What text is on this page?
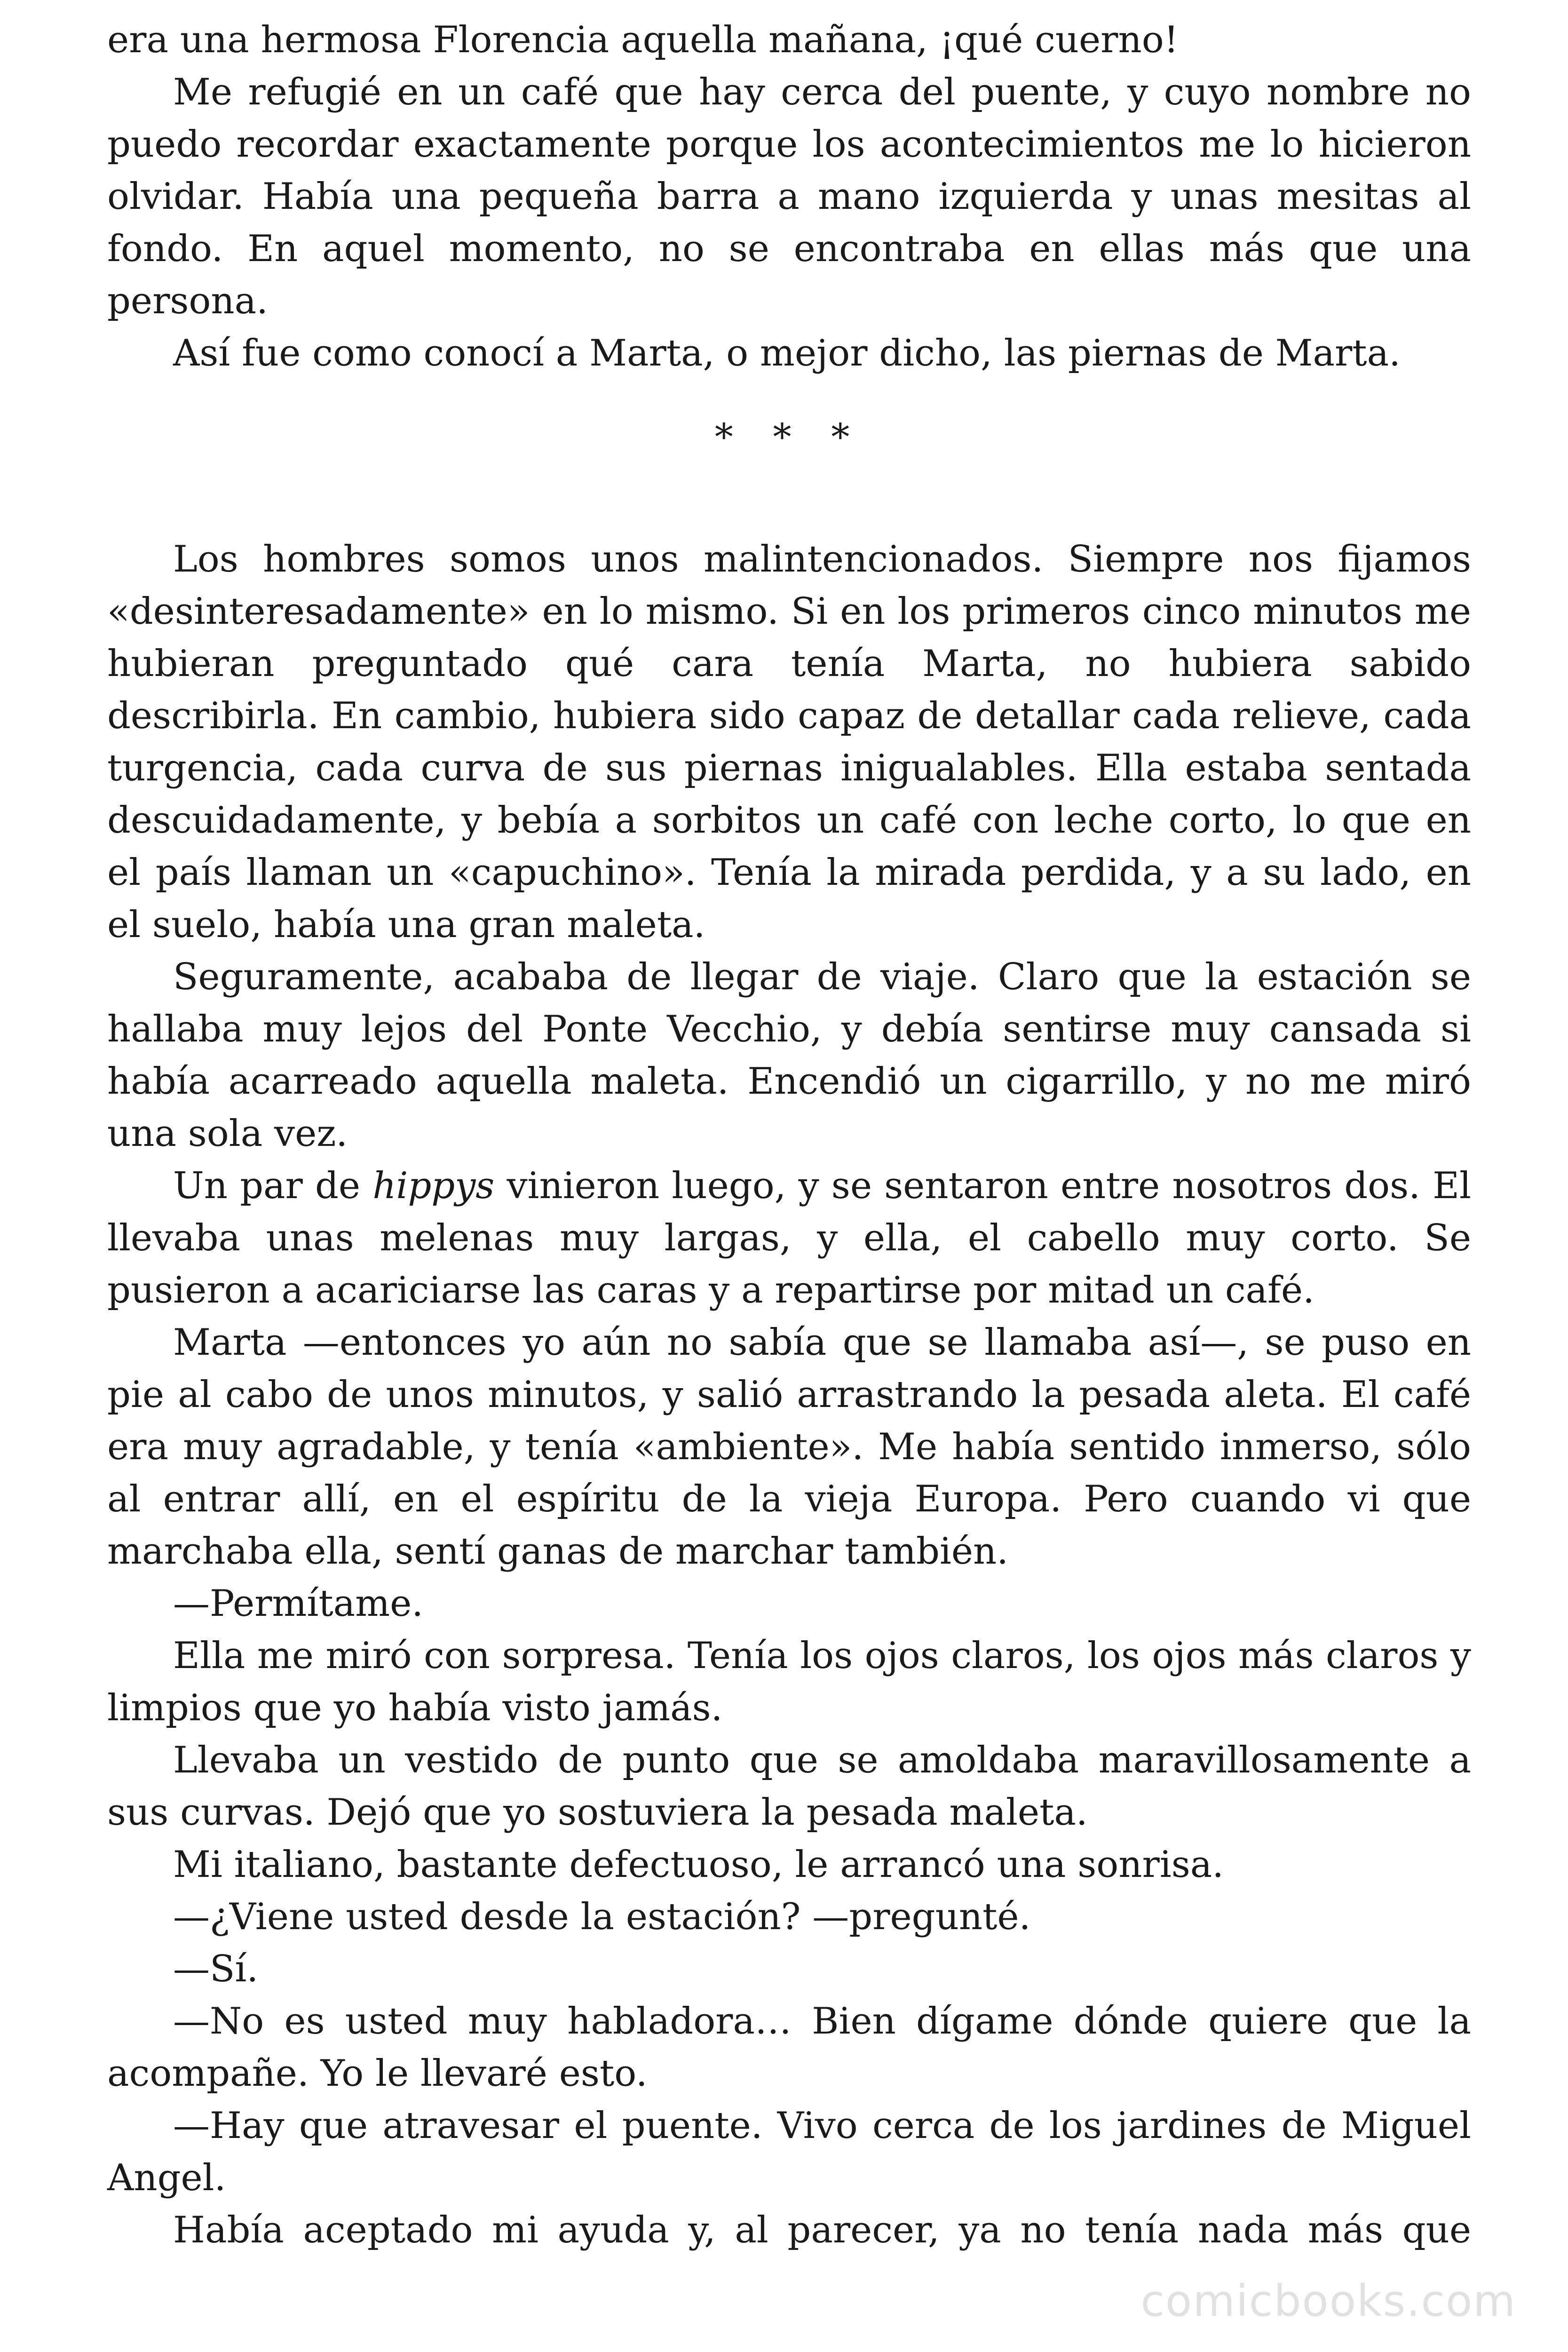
era una hermosa Florencia aquella mañana, ¡qué cuerno!

Me refugié en un café que hay cerca del puente, y cuyo nombre no puedo recordar exactamente porque los acontecimientos me lo hicieron olvidar. Había una pequeña barra a mano izquierda y unas mesitas al fondo. En aquel momento, no se encontraba en ellas más que una persona.

Así fue como conocí a Marta, o mejor dicho, las piernas de Marta.

* * *

Los hombres somos unos malintencionados. Siempre nos fijamos «desinteresadamente» en lo mismo. Si en los primeros cinco minutos me hubieran preguntado qué cara tenía Marta, no hubiera sabido describirla. En cambio, hubiera sido capaz de detallar cada relieve, cada turgencia, cada curva de sus piernas inigualables. Ella estaba sentada descuidadamente, y bebía a sorbitos un café con leche corto, lo que en el país llaman un «capuchino». Tenía la mirada perdida, y a su lado, en el suelo, había una gran maleta.

Seguramente, acababa de llegar de viaje. Claro que la estación se hallaba muy lejos del Ponte Vecchio, y debía sentirse muy cansada si había acarreado aquella maleta. Encendió un cigarrillo, y no me miró una sola vez.

Un par de hippys vinieron luego, y se sentaron entre nosotros dos. El llevaba unas melenas muy largas, y ella, el cabello muy corto. Se pusieron a acariciarse las caras y a repartirse por mitad un café.

Marta —entonces yo aún no sabía que se llamaba así—, se puso en pie al cabo de unos minutos, y salió arrastrando la pesada aleta. El café era muy agradable, y tenía «ambiente». Me había sentido inmerso, sólo al entrar allí, en el espíritu de la vieja Europa. Pero cuando vi que marchaba ella, sentí ganas de marchar también.

—Permítame.

Ella me miró con sorpresa. Tenía los ojos claros, los ojos más claros y limpios que yo había visto jamás.

Llevaba un vestido de punto que se amoldaba maravillosamente a sus curvas. Dejó que yo sostuviera la pesada maleta.

Mi italiano, bastante defectuoso, le arrancó una sonrisa.

—¿Viene usted desde la estación? —pregunté.

—Sí.

—No es usted muy habladora… Bien dígame dónde quiere que la acompañe. Yo le llevaré esto.

—Hay que atravesar el puente. Vivo cerca de los jardines de Miguel Angel.

Había aceptado mi ayuda y, al parecer, ya no tenía nada más que

comicbooks.com
